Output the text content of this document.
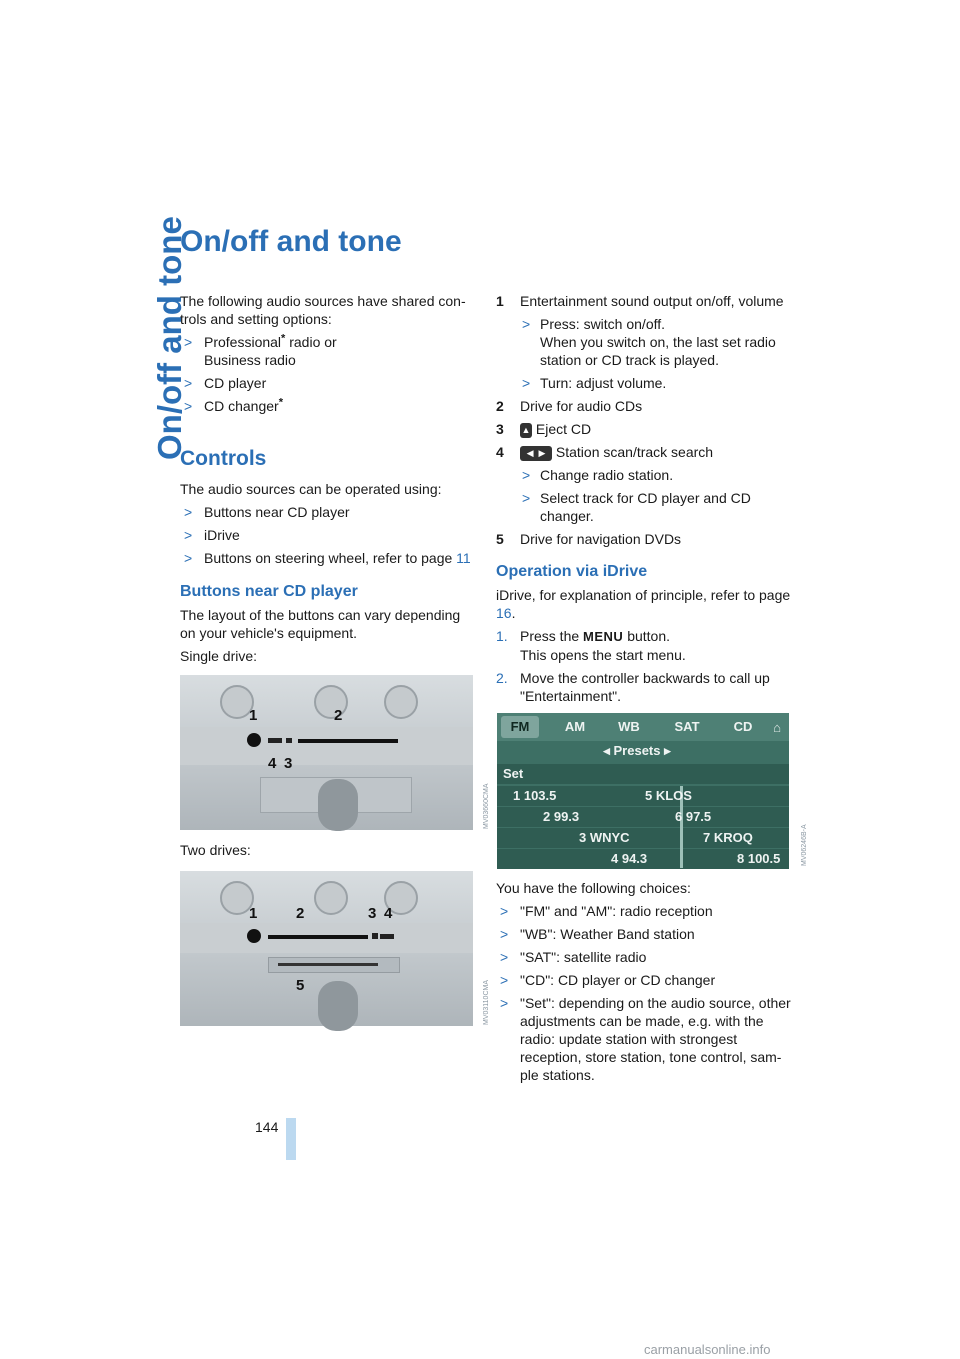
On/off and tone
On/off and tone

The following audio sources have shared con- trols and setting options:

> Professional* radio or
Business radio
> CD player
> CD changer*
Controls

The audio sources can be operated using:

> Buttons near CD player
> iDrive
> Buttons on steering wheel, refer to page 11
Buttons near CD player

The layout of the buttons can vary depending on your vehicle's equipment.

Single drive:

1	2
4 3
MV03660CMA

Two drives:

1	2	3 4
5	MV03110CMA
1 Entertainment sound output on/off, volume
> Press: switch on/off.
When you switch on, the last set radio station or CD track is played.
> Turn: adjust volume.
2 Drive for audio CDs
3 ▲ Eject CD
4	◀  ▶ Station scan/track search
> Change radio station.
> Select track for CD player and CD changer.
5 Drive for navigation DVDs
Operation via iDrive

iDrive, for explanation of principle, refer to page 16.

1. Press the MENU button.
This opens the start menu.
2. Move the controller backwards to call up "Entertainment".
FM	AM	WB	SAT	CD	⌂
◂ Presets ▸
Set
1 103.5	5 KLOS
2 99.3	6 97.5
3 WNYC	7 KROQ
4 94.3	8 100.5	MV06246B-A

You have the following choices:

> "FM" and "AM": radio reception
> "WB": Weather Band station
> "SAT": satellite radio
> "CD": CD player or CD changer
> "Set": depending on the audio source, other adjustments can be made, e.g. with the radio: update station with strongest reception, store station, tone control, sam- ple stations.
144
carmanualsonline.info
